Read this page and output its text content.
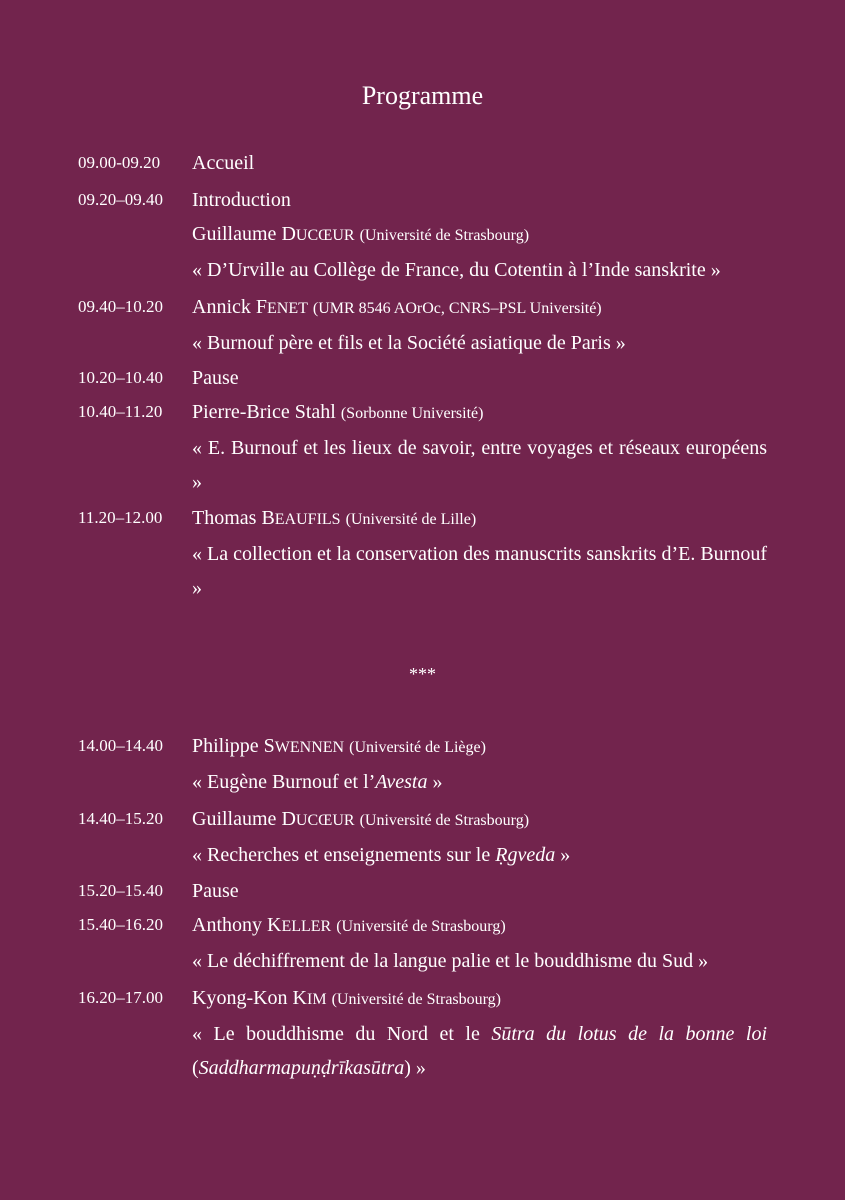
Programme
09.00-09.20	Accueil
09.20–09.40	Introduction
Guillaume DUCŒUR (Université de Strasbourg)
« D’Urville au Collège de France, du Cotentin à l’Inde sanskrite »
09.40–10.20	Annick FENET (UMR 8546 AOrOc, CNRS–PSL Université)
« Burnouf père et fils et la Société asiatique de Paris »
10.20–10.40	Pause
10.40–11.20	Pierre-Brice Stahl (Sorbonne Université)
« E. Burnouf et les lieux de savoir, entre voyages et réseaux européens »
11.20–12.00	Thomas BEAUFILS (Université de Lille)
« La collection et la conservation des manuscrits sanskrits d’E. Burnouf »
***
14.00–14.40	Philippe SWENNEN (Université de Liège)
« Eugène Burnouf et l’Avesta »
14.40–15.20	Guillaume DUCŒUR (Université de Strasbourg)
« Recherches et enseignements sur le Ṛgveda »
15.20–15.40	Pause
15.40–16.20	Anthony KELLER (Université de Strasbourg)
« Le déchiffrement de la langue palie et le bouddhisme du Sud »
16.20–17.00	Kyong-Kon KIM (Université de Strasbourg)
« Le bouddhisme du Nord et le Sūtra du lotus de la bonne loi (Saddharmapuṇḍrīkasūtra) »
